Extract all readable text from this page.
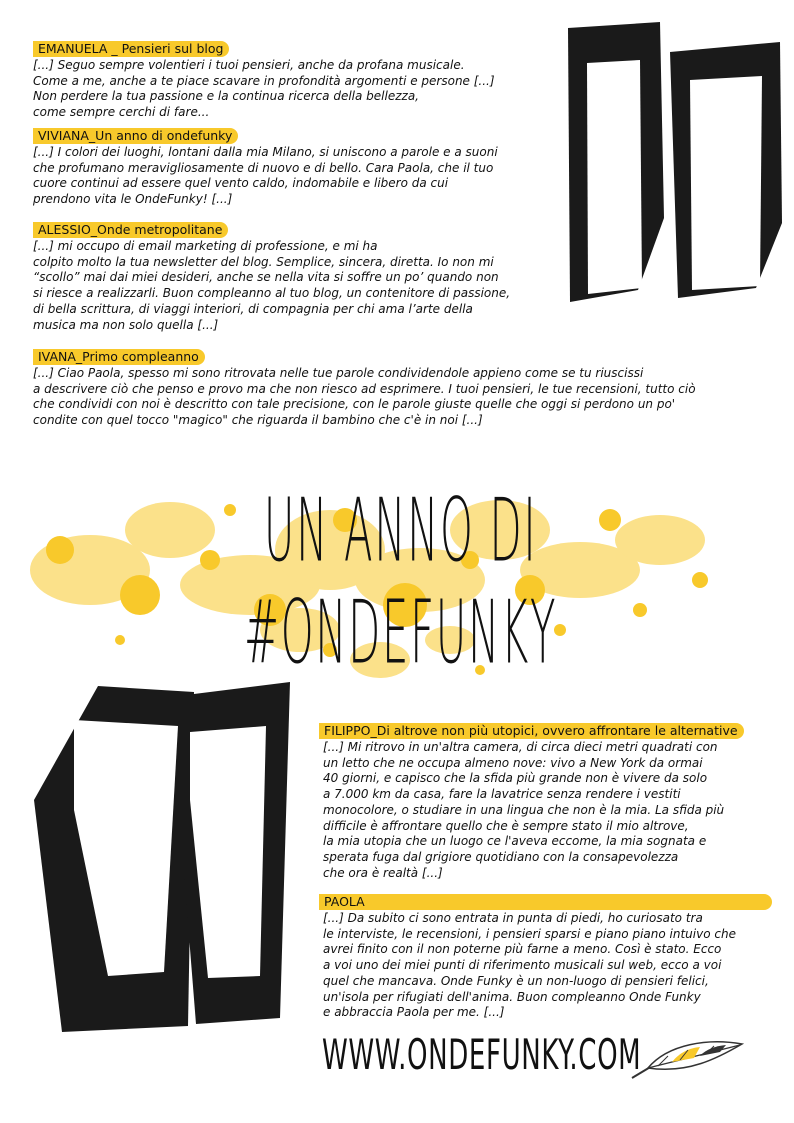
EMANUELA _ Pensieri sul blog

[...] Seguo sempre volentieri i tuoi pensieri, anche da profana musicale.
Come a me, anche a te piace scavare in profondità argomenti e persone [...]
Non perdere la tua passione e la continua ricerca della bellezza,
come sempre cerchi di fare...

VIVIANA_Un anno di ondefunky

[...] I colori dei luoghi, lontani dalla mia Milano, si uniscono a parole e a suoni
che profumano meravigliosamente di nuovo e di bello. Cara Paola, che il tuo
cuore continui ad essere quel vento caldo, indomabile e libero da cui
prendono vita le OndeFunky! [...]

ALESSIO_Onde metropolitane

[...] mi occupo di email marketing di professione, e mi ha
colpito molto la tua newsletter del blog. Semplice, sincera, diretta. Io non mi
“scollo” mai dai miei desideri, anche se nella vita si soffre un po’ quando non
si riesce a realizzarli. Buon compleanno al tuo blog, un contenitore di passione,
di bella scrittura, di viaggi interiori, di compagnia per chi ama l’arte della
musica ma non solo quella [...]

IVANA_Primo compleanno

[...] Ciao Paola, spesso mi sono ritrovata nelle tue parole condividendole appieno come se tu riuscissi
a descrivere ciò che penso e provo ma che non riesco ad esprimere. I tuoi pensieri, le tue recensioni, tutto ciò
che condividi con noi è descritto con tale precisione, con le parole giuste quelle che oggi si perdono un po'
condite con quel tocco "magico" che riguarda il bambino che c'è in noi [...]

UN ANNO DI #ONDEFUNKY
FILIPPO_Di altrove non più utopici, ovvero affrontare le alternative

[...] Mi ritrovo in un'altra camera, di circa dieci metri quadrati con
un letto che ne occupa almeno nove: vivo a New York da ormai
40 giorni, e capisco che la sfida più grande non è vivere da solo
a 7.000 km da casa, fare la lavatrice senza rendere i vestiti
monocolore, o studiare in una lingua che non è la mia. La sfida più
difficile è affrontare quello che è sempre stato il mio altrove,
la mia utopia che un luogo ce l'aveva eccome, la mia sognata e
sperata fuga dal grigiore quotidiano con la consapevolezza
che ora è realtà [...]

PAOLA

[...] Da subito ci sono entrata in punta di piedi, ho curiosato tra
le interviste, le recensioni, i pensieri sparsi e piano piano intuivo che
avrei finito con il non poterne più farne a meno. Così è stato. Ecco
a voi uno dei miei punti di riferimento musicali sul web, ecco a voi
quel che mancava. Onde Funky è un non-luogo di pensieri felici,
un'isola per rifugiati dell'anima. Buon compleanno Onde Funky
e abbraccia Paola per me. [...]

WWW.ONDEFUNKY.COM
